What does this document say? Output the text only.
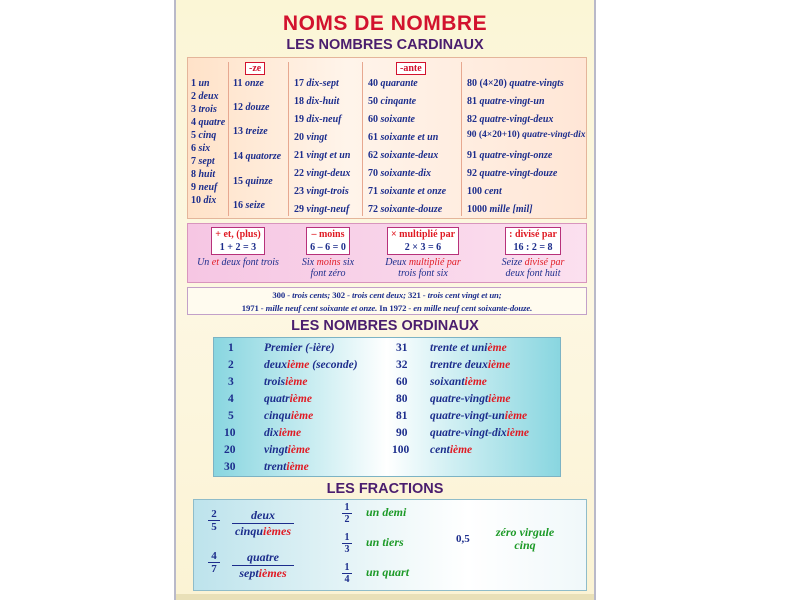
NOMS DE NOMBRE
LES NOMBRES CARDINAUX
-ze	-ante
1 un
2 deux
3 trois
4 quatre
5 cinq
6 six
7 sept
8 huit
9 neuf
10 dix
11 onze
12 douze
13 treize
14 quatorze
15 quinze
16 seize
17 dix-sept
18 dix-huit
19 dix-neuf
20 vingt
21 vingt et un
22 vingt-deux
23 vingt-trois
29 vingt-neuf
40 quarante
50 cinqante
60 soixante
61 soixante et un
62 soixante-deux
70 soixante-dix
71 soixante et onze
72 soixante-douze
80 (4×20) quatre-vingts
81 quatre-vingt-un
82 quatre-vingt-deux
90 (4×20+10) quatre-vingt-dix
91 quatre-vingt-onze
92 quatre-vingt-douze
100 cent
1000 mille [mil]
+ et, (plus)
1 + 2 = 3
Un et deux font trois
– moins
6 – 6 = 0
Six moins six
font zéro
× multiplié par
2 × 3 = 6
Deux multiplié par
trois font six
: divisé par
16 : 2 = 8
Seize divisé par
deux font huit
300 - trois cents; 302 - trois cent deux; 321 - trois cent vingt et un;
1971 - mille neuf cent soixante et onze. In 1972 - en mille neuf cent soixante-douze.
LES NOMBRES ORDINAUX
1	Premier (-ière)
2	deuxième (seconde)
3	troisième
4	quatrième
5	cinquième
10 dixième
20 vingtième
30 trentième
31 trente et unième
32 trentre deuxième
60 soixantième
80 quatre-vingtième
81 quatre-vingt-unième
90 quatre-vingt-dixième
100 centième
LES FRACTIONS
2
5
deux
cinquièmes
4
7
quatre
septièmes
1
2
un demi
1
3
un tiers
1
4
un quart
0,5	zéro virgule
cinq
